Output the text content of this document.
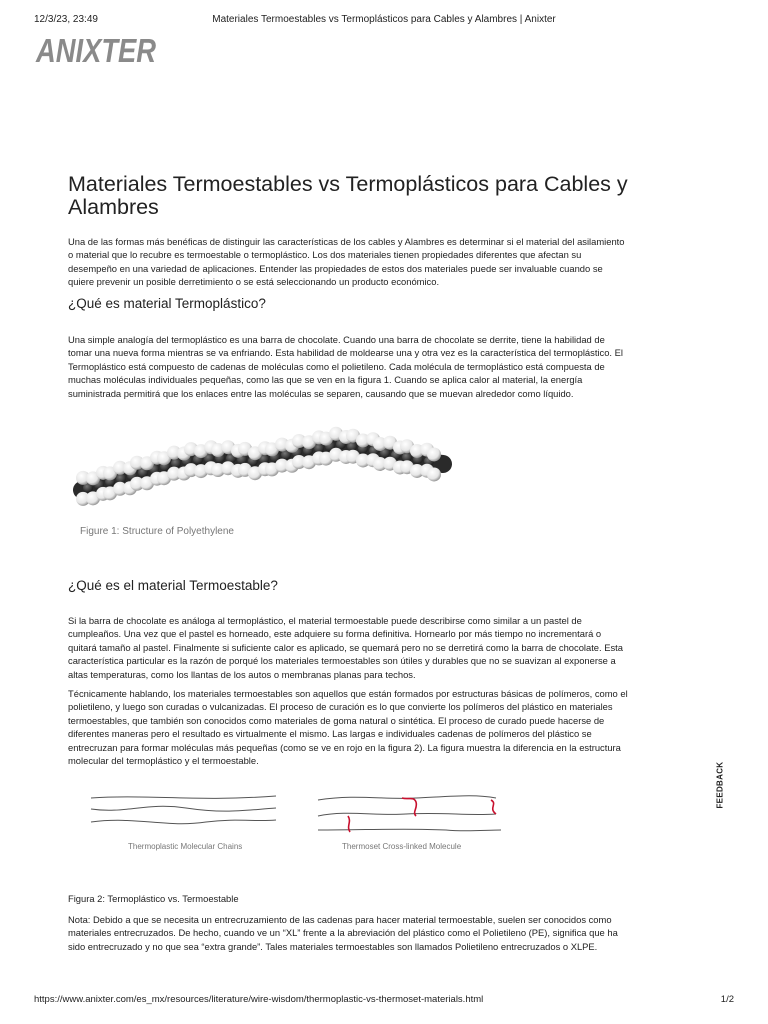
12/3/23, 23:49	Materiales Termoestables vs Termoplásticos para Cables y Alambres | Anixter
ANIXTER
Materiales Termoestables vs Termoplásticos para Cables y Alambres

Una de las formas más benéficas de distinguir las características de los cables y Alambres es determinar si el material del asilamiento o material que lo recubre es termoestable o termoplástico. Los dos materiales tienen propiedades diferentes que afectan su desempeño en una variedad de aplicaciones. Entender las propiedades de estos dos materiales puede ser invaluable cuando se quiere prevenir un posible derretimiento o se está seleccionando un producto económico.

¿Qué es material Termoplástico?

Una simple analogía del termoplástico es una barra de chocolate. Cuando una barra de chocolate se derrite, tiene la habilidad de tomar una nueva forma mientras se va enfriando. Esta habilidad de moldearse una y otra vez es la característica del termoplástico. El Termoplástico está compuesto de cadenas de moléculas como el polietileno. Cada molécula de termoplástico está compuesta de muchas moléculas individuales pequeñas, como las que se ven en la figura 1. Cuando se aplica calor al material, la energía suministrada permitirá que los enlaces entre las moléculas se separen, causando que se muevan alrededor como líquido.

Figure 1: Structure of Polyethylene
¿Qué es el material Termoestable?

Si la barra de chocolate es análoga al termoplástico, el material termoestable puede describirse como similar a un pastel de cumpleaños. Una vez que el pastel es horneado, este adquiere su forma definitiva. Hornearlo por más tiempo no incrementará o quitará tamaño al pastel. Finalmente si suficiente calor es aplicado, se quemará pero no se derretirá como la barra de chocolate. Esta característica particular es la razón de porqué los materiales termoestables son útiles y durables que no se suavizan al exponerse a altas temperaturas, como los llantas de los autos o membranas planas para techos.

Técnicamente hablando, los materiales termoestables son aquellos que están formados por estructuras básicas de polímeros, como el polietileno, y luego son curadas o vulcanizadas. El proceso de curación es lo que convierte los polímeros del plástico en materiales termoestables, que también son conocidos como materiales de goma natural o sintética. El proceso de curado puede hacerse de diferentes maneras pero el resultado es virtualmente el mismo. Las largas e individuales cadenas de polímeros del plástico se entrecruzan para formar moléculas más pequeñas (como se ve en rojo en la figura 2). La figura muestra la diferencia en la estructura molecular del termoplástico y el termoestable.

Thermoplastic Molecular Chains	Thermoset Cross-linked Molecule

Figura 2: Termoplástico vs. Termoestable

Nota: Debido a que se necesita un entrecruzamiento de las cadenas para hacer material termoestable, suelen ser conocidos como materiales entrecruzados. De hecho, cuando ve un “XL” frente a la abreviación del plástico como el Polietileno (PE), significa que ha sido entrecruzado y no que sea “extra grande”. Tales materiales termoestables son llamados Polietileno entrecruzados o XLPE.

FEEDBACK
https://www.anixter.com/es_mx/resources/literature/wire-wisdom/thermoplastic-vs-thermoset-materials.html	1/2
